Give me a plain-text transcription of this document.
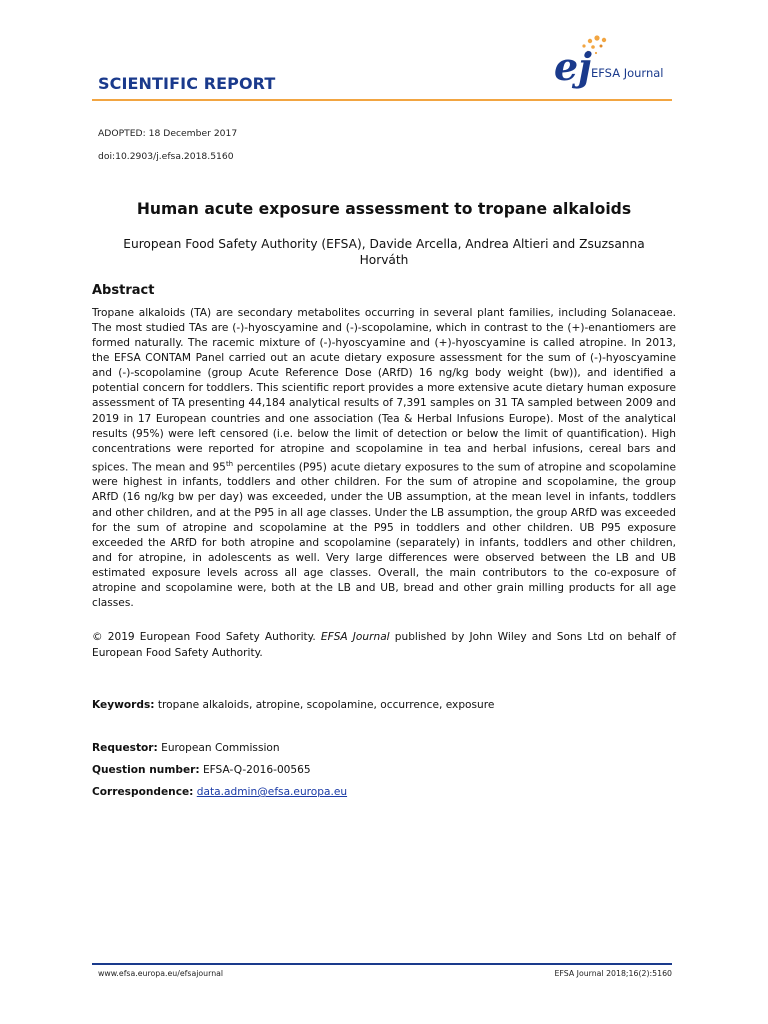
SCIENTIFIC REPORT	ej EFSA Journal
ADOPTED: 18 December 2017
doi:10.2903/j.efsa.2018.5160
Human acute exposure assessment to tropane alkaloids
European Food Safety Authority (EFSA), Davide Arcella, Andrea Altieri and Zsuzsanna Horváth
Abstract

Tropane alkaloids (TA) are secondary metabolites occurring in several plant families, including Solanaceae. The most studied TAs are (-)-hyoscyamine and (-)-scopolamine, which in contrast to the (+)-enantiomers are formed naturally. The racemic mixture of (-)-hyoscyamine and (+)-hyoscyamine is called atropine. In 2013, the EFSA CONTAM Panel carried out an acute dietary exposure assessment for the sum of (-)-hyoscyamine and (-)-scopolamine (group Acute Reference Dose (ARfD) 16 ng/kg body weight (bw)), and identified a potential concern for toddlers. This scientific report provides a more extensive acute dietary human exposure assessment of TA presenting 44,184 analytical results of 7,391 samples on 31 TA sampled between 2009 and 2019 in 17 European countries and one association (Tea & Herbal Infusions Europe). Most of the analytical results (95%) were left censored (i.e. below the limit of detection or below the limit of quantification). High concentrations were reported for atropine and scopolamine in tea and herbal infusions, cereal bars and spices. The mean and 95th percentiles (P95) acute dietary exposures to the sum of atropine and scopolamine were highest in infants, toddlers and other children. For the sum of atropine and scopolamine, the group ARfD (16 ng/kg bw per day) was exceeded, under the UB assumption, at the mean level in infants, toddlers and other children, and at the P95 in all age classes. Under the LB assumption, the group ARfD was exceeded for the sum of atropine and scopolamine at the P95 in toddlers and other children. UB P95 exposure exceeded the ARfD for both atropine and scopolamine (separately) in infants, toddlers and other children, and for atropine, in adolescents as well. Very large differences were observed between the LB and UB estimated exposure levels across all age classes. Overall, the main contributors to the co-exposure of atropine and scopolamine were, both at the LB and UB, bread and other grain milling products for all age classes.

© 2019 European Food Safety Authority. EFSA Journal published by John Wiley and Sons Ltd on behalf of European Food Safety Authority.

Keywords: tropane alkaloids, atropine, scopolamine, occurrence, exposure
Requestor: European Commission
Question number: EFSA-Q-2016-00565
Correspondence: data.admin@efsa.europa.eu
www.efsa.europa.eu/efsajournal	EFSA Journal 2018;16(2):5160
